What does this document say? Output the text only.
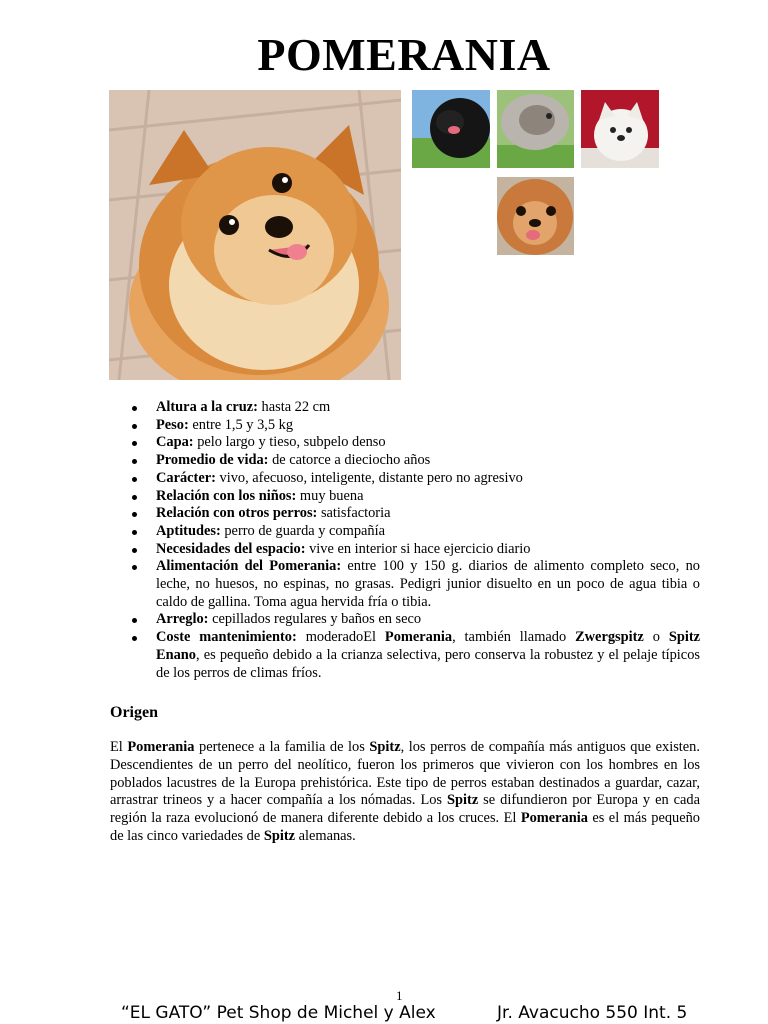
POMERANIA
Altura a la cruz: hasta 22 cm
Peso: entre 1,5 y 3,5 kg
Capa: pelo largo y tieso, subpelo denso
Promedio de vida: de catorce a dieciocho años
Carácter: vivo, afecuoso, inteligente, distante pero no agresivo
Relación con los niños: muy buena
Relación con otros perros: satisfactoria
Aptitudes: perro de guarda y compañía
Necesidades del espacio: vive en interior si hace ejercicio diario
Alimentación del Pomerania: entre 100 y 150 g. diarios de alimento completo seco, no leche, no huesos, no espinas, no grasas. Pedigri junior disuelto en un poco de agua tibia o caldo de gallina. Toma agua hervida fría o tibia.
Arreglo: cepillados regulares y baños en seco
Coste mantenimiento: moderadoEl Pomerania, también llamado Zwergspitz o Spitz Enano, es pequeño debido a la crianza selectiva, pero conserva la robustez y el pelaje típicos de los perros de climas fríos.
Origen

El Pomerania pertenece a la familia de los Spitz, los perros de compañía más antiguos que existen. Descendientes de un perro del neolítico, fueron los primeros que vivieron con los hombres en los poblados lacustres de la Europa prehistórica. Este tipo de perros estaban destinados a guardar, cazar, arrastrar trineos y a hacer compañía a los nómadas. Los Spitz se difundieron por Europa y en cada región la raza evolucionó de manera diferente debido a los cruces. El Pomerania es el más pequeño de las cinco variedades de Spitz alemanas.

1
“EL GATO” Pet Shop de Michel y Alex	Jr. Avacucho 550 Int. 5
